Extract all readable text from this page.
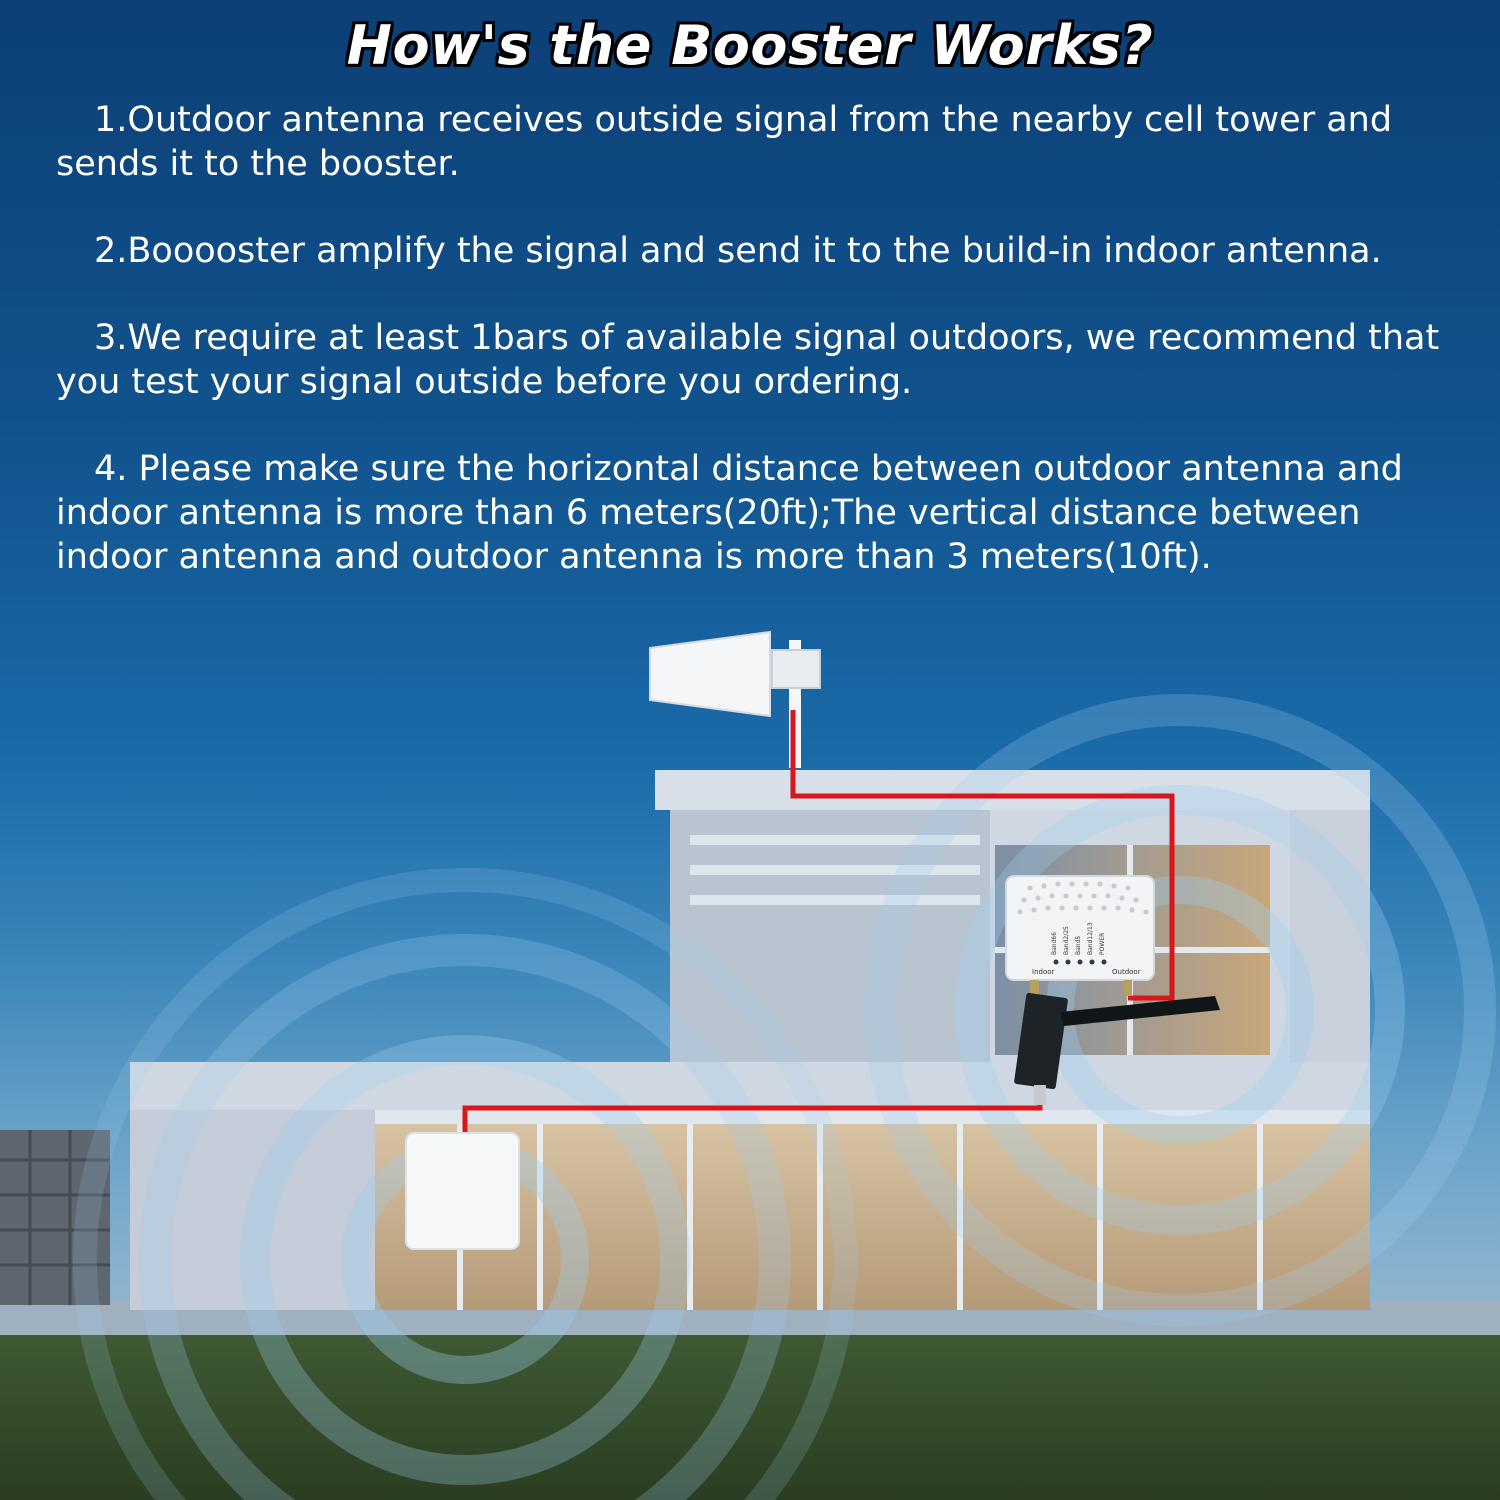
How's the Booster Works?

1.Outdoor antenna receives outside signal from the nearby cell tower and sends it to the booster.

2.Booooster amplify the signal and send it to the build-in indoor antenna.

3.We require at least 1bars of available signal outdoors, we recommend that you test your signal outside before you ordering.

4. Please make sure the horizontal distance between outdoor antenna and indoor antenna is more than 6 meters(20ft);The vertical distance between indoor antenna and outdoor antenna is more than 3 meters(10ft).

Band66 Band2/25 Band5 Band12/13 POWER
Indoor	Outdoor
